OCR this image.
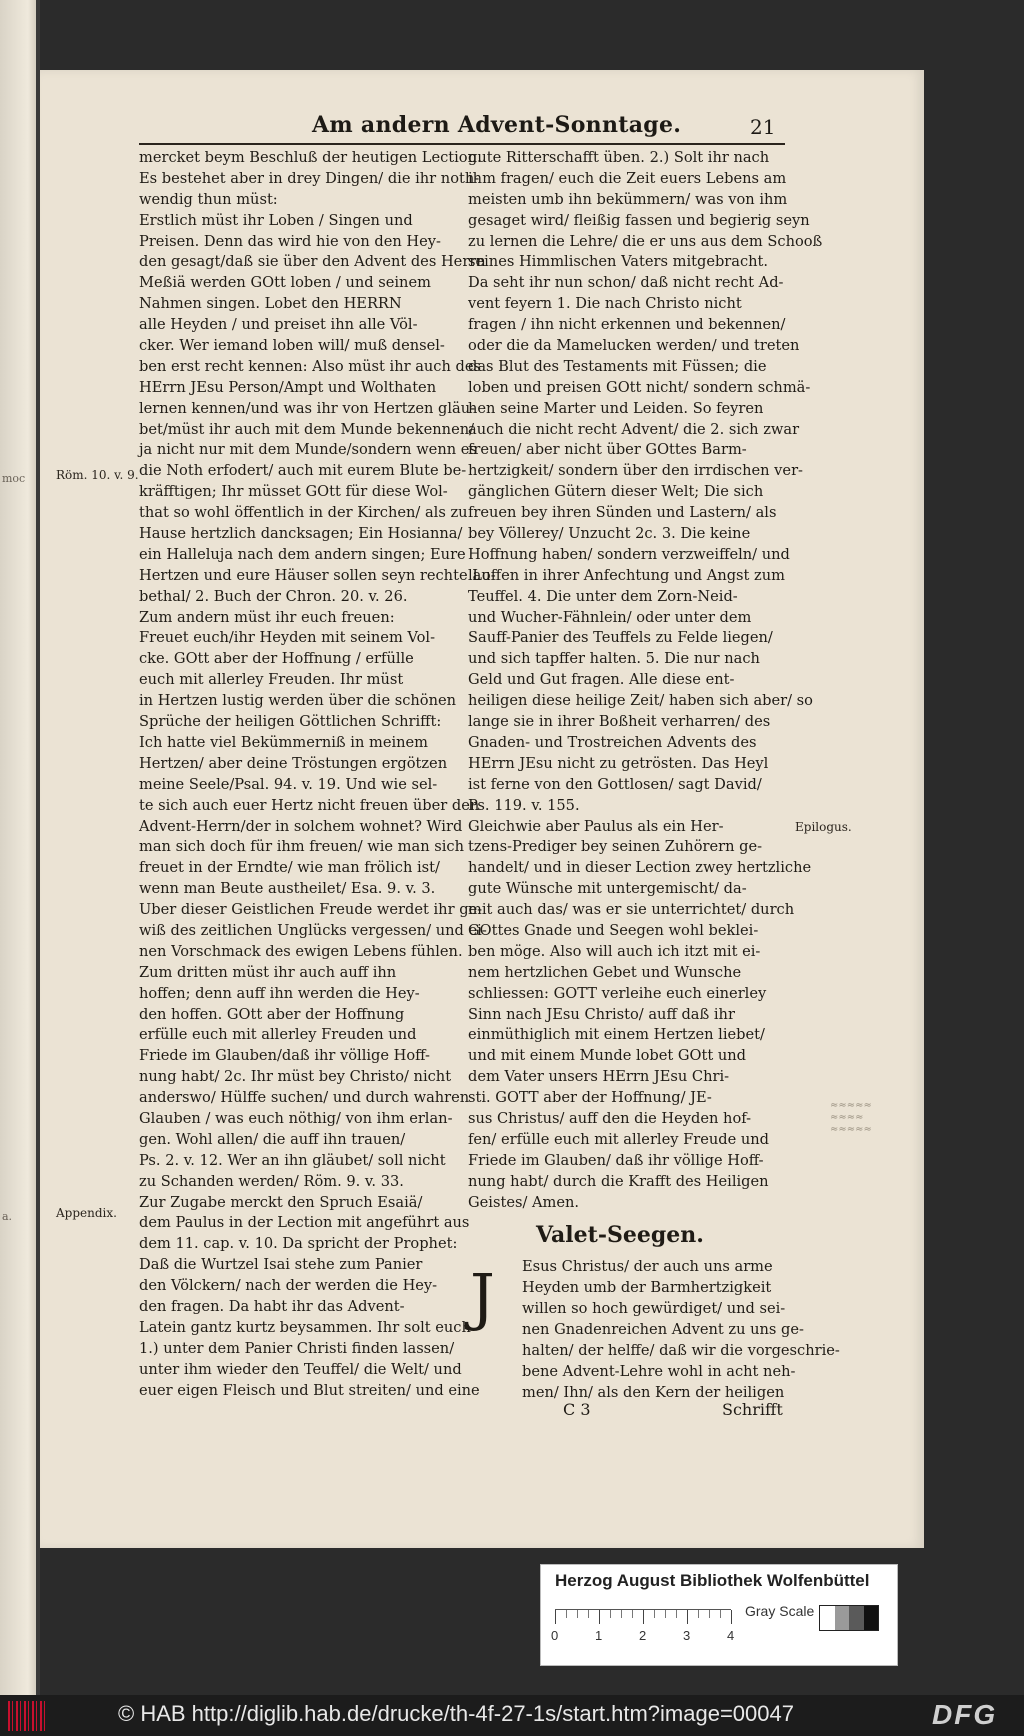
moc
a.
Am andern Advent-Sonntage.	21
Röm. 10. v. 9.
Appendix.
Epilogus.
mercket beym Beschluß der heutigen Lection.
Es bestehet aber in drey Dingen/ die ihr noth-
wendig thun müst:
Erstlich müst ihr Loben / Singen und
Preisen. Denn das wird hie von den Hey-
den gesagt/daß sie über den Advent des Herrn
Meßiä werden GOtt loben / und seinem
Nahmen singen. Lobet den HERRN
alle Heyden / und preiset ihn alle Völ-
cker. Wer iemand loben will/ muß densel-
ben erst recht kennen: Also müst ihr auch des
HErrn JEsu Person/Ampt und Wolthaten
lernen kennen/und was ihr von Hertzen gläu-
bet/müst ihr auch mit dem Munde bekennen/
ja nicht nur mit dem Munde/sondern wenn es
die Noth erfodert/ auch mit eurem Blute be-
kräfftigen; Ihr müsset GOtt für diese Wol-
that so wohl öffentlich in der Kirchen/ als zu
Hause hertzlich dancksagen; Ein Hosianna/
ein Halleluja nach dem andern singen; Eure
Hertzen und eure Häuser sollen seyn rechte Lo-
bethal/ 2. Buch der Chron. 20. v. 26.
Zum andern müst ihr euch freuen:
Freuet euch/ihr Heyden mit seinem Vol-
cke. GOtt aber der Hoffnung / erfülle
euch mit allerley Freuden. Ihr müst
in Hertzen lustig werden über die schönen
Sprüche der heiligen Göttlichen Schrifft:
Ich hatte viel Bekümmerniß in meinem
Hertzen/ aber deine Tröstungen ergötzen
meine Seele/Psal. 94. v. 19. Und wie sel-
te sich auch euer Hertz nicht freuen über den
Advent-Herrn/der in solchem wohnet? Wird
man sich doch für ihm freuen/ wie man sich
freuet in der Erndte/ wie man frölich ist/
wenn man Beute austheilet/ Esa. 9. v. 3.
Uber dieser Geistlichen Freude werdet ihr ge-
wiß des zeitlichen Unglücks vergessen/ und ei-
nen Vorschmack des ewigen Lebens fühlen.
Zum dritten müst ihr auch auff ihn
hoffen; denn auff ihn werden die Hey-
den hoffen. GOtt aber der Hoffnung
erfülle euch mit allerley Freuden und
Friede im Glauben/daß ihr völlige Hoff-
nung habt/ 2c. Ihr müst bey Christo/ nicht
anderswo/ Hülffe suchen/ und durch wahren
Glauben / was euch nöthig/ von ihm erlan-
gen. Wohl allen/ die auff ihn trauen/
Ps. 2. v. 12. Wer an ihn gläubet/ soll nicht
zu Schanden werden/ Röm. 9. v. 33.
Zur Zugabe merckt den Spruch Esaiä/
dem Paulus in der Lection mit angeführt aus
dem 11. cap. v. 10. Da spricht der Prophet:
Daß die Wurtzel Isai stehe zum Panier
den Völckern/ nach der werden die Hey-
den fragen. Da habt ihr das Advent-
Latein gantz kurtz beysammen. Ihr solt euch
1.) unter dem Panier Christi finden lassen/
unter ihm wieder den Teuffel/ die Welt/ und
euer eigen Fleisch und Blut streiten/ und eine
gute Ritterschafft üben. 2.) Solt ihr nach
ihm fragen/ euch die Zeit euers Lebens am
meisten umb ihn bekümmern/ was von ihm
gesaget wird/ fleißig fassen und begierig seyn
zu lernen die Lehre/ die er uns aus dem Schooß
seines Himmlischen Vaters mitgebracht.
Da seht ihr nun schon/ daß nicht recht Ad-
vent feyern 1. Die nach Christo nicht
fragen / ihn nicht erkennen und bekennen/
oder die da Mamelucken werden/ und treten
das Blut des Testaments mit Füssen; die
loben und preisen GOtt nicht/ sondern schmä-
hen seine Marter und Leiden. So feyren
auch die nicht recht Advent/ die 2. sich zwar
freuen/ aber nicht über GOttes Barm-
hertzigkeit/ sondern über den irrdischen ver-
gänglichen Gütern dieser Welt; Die sich
freuen bey ihren Sünden und Lastern/ als
bey Völlerey/ Unzucht 2c. 3. Die keine
Hoffnung haben/ sondern verzweiffeln/ und
lauffen in ihrer Anfechtung und Angst zum
Teuffel. 4. Die unter dem Zorn-Neid-
und Wucher-Fähnlein/ oder unter dem
Sauff-Panier des Teuffels zu Felde liegen/
und sich tapffer halten. 5. Die nur nach
Geld und Gut fragen. Alle diese ent-
heiligen diese heilige Zeit/ haben sich aber/ so
lange sie in ihrer Boßheit verharren/ des
Gnaden- und Trostreichen Advents des
HErrn JEsu nicht zu getrösten. Das Heyl
ist ferne von den Gottlosen/ sagt David/
Ps. 119. v. 155.
Gleichwie aber Paulus als ein Her-
tzens-Prediger bey seinen Zuhörern ge-
handelt/ und in dieser Lection zwey hertzliche
gute Wünsche mit untergemischt/ da-
mit auch das/ was er sie unterrichtet/ durch
GOttes Gnade und Seegen wohl beklei-
ben möge. Also will auch ich itzt mit ei-
nem hertzlichen Gebet und Wunsche
schliessen: GOTT verleihe euch einerley
Sinn nach JEsu Christo/ auff daß ihr
einmüthiglich mit einem Hertzen liebet/
und mit einem Munde lobet GOtt und
dem Vater unsers HErrn JEsu Chri-
sti. GOTT aber der Hoffnung/ JE-
sus Christus/ auff den die Heyden hof-
fen/ erfülle euch mit allerley Freude und
Friede im Glauben/ daß ihr völlige Hoff-
nung habt/ durch die Krafft des Heiligen
Geistes/ Amen.
Valet-Seegen.
Esus Christus/ der auch uns arme
Heyden umb der Barmhertzigkeit
willen so hoch gewürdiget/ und sei-
nen Gnadenreichen Advent zu uns ge-
halten/ der helffe/ daß wir die vorgeschrie-
bene Advent-Lehre wohl in acht neh-
men/ Ihn/ als den Kern der heiligen
J
C 3	Schrifft
≈≈≈≈≈
≈≈≈≈
≈≈≈≈≈
Herzog August Bibliothek Wolfenbüttel
0	1	2	3	4
Gray Scale
© HAB http://diglib.hab.de/drucke/th-4f-27-1s/start.htm?image=00047	DFG
